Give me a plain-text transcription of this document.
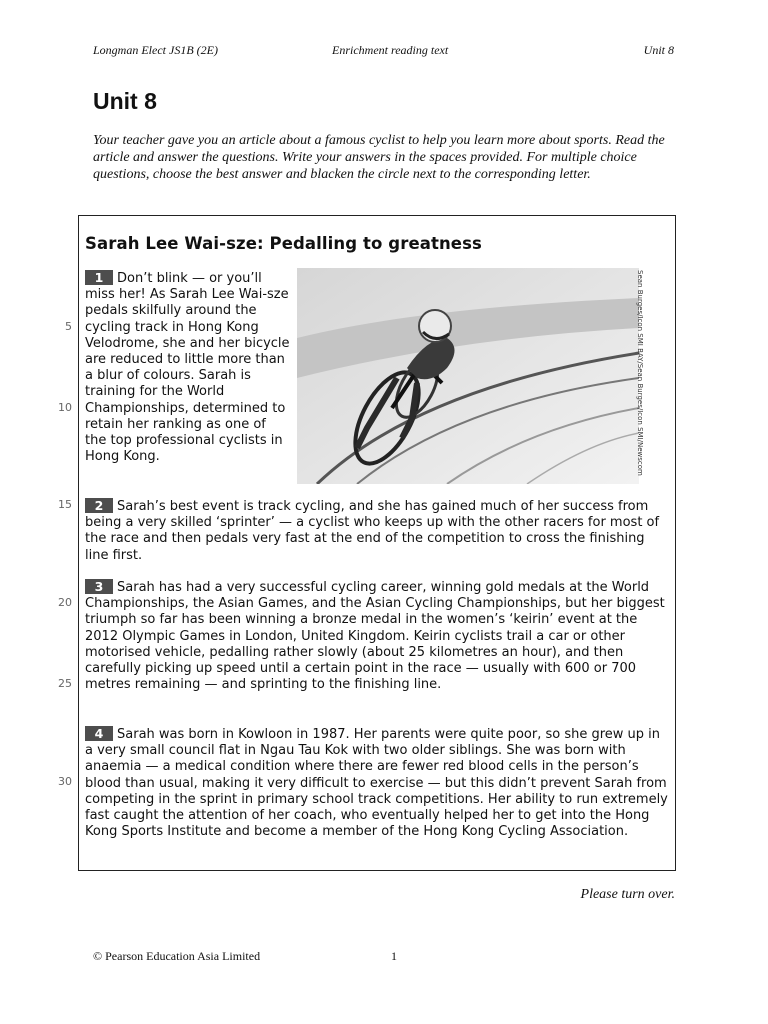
Longman Elect JS1B (2E)	Enrichment reading text	Unit 8
Unit 8

Your teacher gave you an article about a famous cyclist to help you learn more about sports. Read the article and answer the questions. Write your answers in the spaces provided. For multiple choice questions, choose the best answer and blacken the circle next to the corresponding letter.

Sarah Lee Wai-sze: Pedalling to greatness

1 Don’t blink — or you’ll miss her! As Sarah Lee Wai-sze pedals skilfully around the cycling track in Hong Kong Velodrome, she and her bicycle are reduced to little more than a blur of colours. Sarah is training for the World Championships, determined to retain her ranking as one of the top professional cyclists in Hong Kong.	Sean Burges/Icon SMI BAY/Sean Burges/Icon SMI/Newscom

2 Sarah’s best event is track cycling, and she has gained much of her success from being a very skilled ‘sprinter’ — a cyclist who keeps up with the other racers for most of the race and then pedals very fast at the end of the competition to cross the finishing line first.

3 Sarah has had a very successful cycling career, winning gold medals at the World Championships, the Asian Games, and the Asian Cycling Championships, but her biggest triumph so far has been winning a bronze medal in the women’s ‘keirin’ event at the 2012 Olympic Games in London, United Kingdom. Keirin cyclists trail a car or other motorised vehicle, pedalling rather slowly (about 25 kilometres an hour), and then carefully picking up speed until a certain point in the race — usually with 600 or 700 metres remaining — and sprinting to the finishing line.

4 Sarah was born in Kowloon in 1987. Her parents were quite poor, so she grew up in a very small council flat in Ngau Tau Kok with two older siblings. She was born with anaemia — a medical condition where there are fewer red blood cells in the person’s blood than usual, making it very difficult to exercise — but this didn’t prevent Sarah from competing in the sprint in primary school track competitions. Her ability to run extremely fast caught the attention of her coach, who eventually helped her to get into the Hong Kong Sports Institute and become a member of the Hong Kong Cycling Association.

5
10
15
20
25
30
Please turn over.
© Pearson Education Asia Limited	1
